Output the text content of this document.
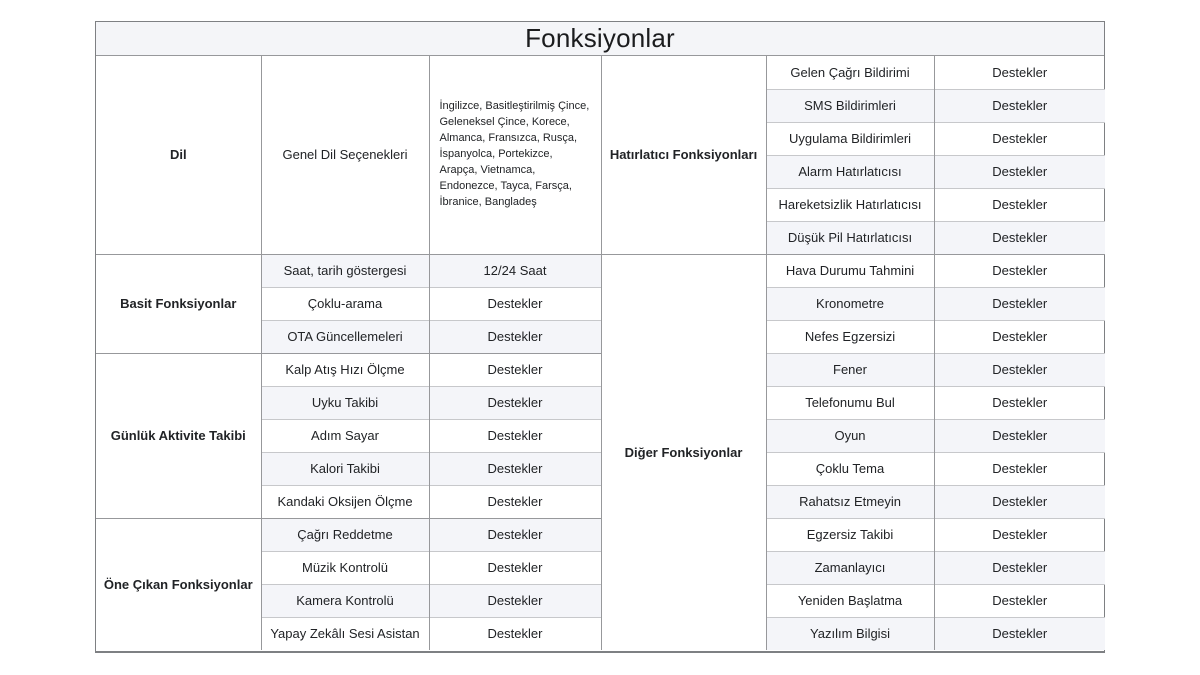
Fonksiyonlar
Dil	Genel Dil Seçenekleri	İngilizce, Basitleştirilmiş Çince, Geleneksel Çince, Korece, Almanca, Fransızca, Rusça, İspanyolca, Portekizce, Arapça, Vietnamca, Endonezce, Tayca, Farsça, İbranice, Bangladeş	Hatırlatıcı Fonksiyonları	Gelen Çağrı Bildirimi	Destekler
				SMS Bildirimleri	Destekler
				Uygulama Bildirimleri	Destekler
				Alarm Hatırlatıcısı	Destekler
				Hareketsizlik Hatırlatıcısı	Destekler
				Düşük Pil Hatırlatıcısı	Destekler
Basit Fonksiyonlar	Saat, tarih göstergesi	12/24 Saat	Diğer Fonksiyonlar	Hava Durumu Tahmini	Destekler
	Çoklu-arama	Destekler		Kronometre	Destekler
	OTA Güncellemeleri	Destekler		Nefes Egzersizi	Destekler
Günlük Aktivite Takibi	Kalp Atış Hızı Ölçme	Destekler		Fener	Destekler
	Uyku Takibi	Destekler		Telefonumu Bul	Destekler
	Adım Sayar	Destekler		Oyun	Destekler
	Kalori Takibi	Destekler		Çoklu Tema	Destekler
	Kandaki Oksijen Ölçme	Destekler		Rahatsız Etmeyin	Destekler
Öne Çıkan Fonksiyonlar	Çağrı Reddetme	Destekler		Egzersiz Takibi	Destekler
	Müzik Kontrolü	Destekler		Zamanlayıcı	Destekler
	Kamera Kontrolü	Destekler		Yeniden Başlatma	Destekler
	Yapay Zekâlı Sesi Asistan	Destekler		Yazılım Bilgisi	Destekler
